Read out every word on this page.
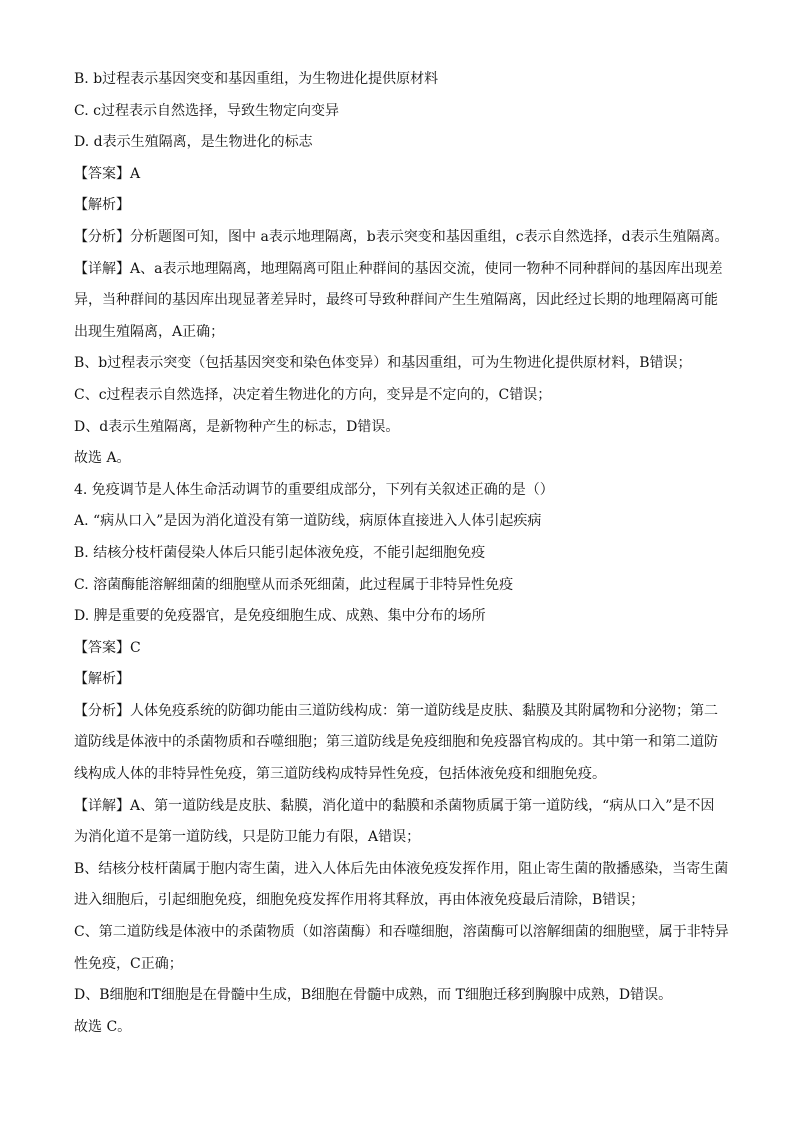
B. b过程表示基因突变和基因重组，为生物进化提供原材料

C. c过程表示自然选择，导致生物定向变异

D. d表示生殖隔离，是生物进化的标志

【答案】A

【解析】

【分析】分析题图可知，图中 a表示地理隔离，b表示突变和基因重组，c表示自然选择，d表示生殖隔离。

【详解】A、a表示地理隔离，地理隔离可阻止种群间的基因交流，使同一物种不同种群间的基因库出现差
异，当种群间的基因库出现显著差异时，最终可导致种群间产生生殖隔离，因此经过长期的地理隔离可能
出现生殖隔离，A正确；

B、b过程表示突变（包括基因突变和染色体变异）和基因重组，可为生物进化提供原材料，B错误；

C、c过程表示自然选择，决定着生物进化的方向，变异是不定向的，C错误；

D、d表示生殖隔离，是新物种产生的标志，D错误。

故选 A。

4. 免疫调节是人体生命活动调节的重要组成部分，下列有关叙述正确的是（）

A. “病从口入”是因为消化道没有第一道防线，病原体直接进入人体引起疾病

B. 结核分枝杆菌侵染人体后只能引起体液免疫，不能引起细胞免疫

C. 溶菌酶能溶解细菌的细胞壁从而杀死细菌，此过程属于非特异性免疫

D. 脾是重要的免疫器官，是免疫细胞生成、成熟、集中分布的场所

【答案】C

【解析】

【分析】人体免疫系统的防御功能由三道防线构成：第一道防线是皮肤、黏膜及其附属物和分泌物；第二
道防线是体液中的杀菌物质和吞噬细胞；第三道防线是免疫细胞和免疫器官构成的。其中第一和第二道防
线构成人体的非特异性免疫，第三道防线构成特异性免疫，包括体液免疫和细胞免疫。
【详解】A、第一道防线是皮肤、黏膜，消化道中的黏膜和杀菌物质属于第一道防线，“病从口入”是不因
为消化道不是第一道防线，只是防卫能力有限，A错误；
B、结核分枝杆菌属于胞内寄生菌，进入人体后先由体液免疫发挥作用，阻止寄生菌的散播感染，当寄生菌
进入细胞后，引起细胞免疫，细胞免疫发挥作用将其释放，再由体液免疫最后清除，B错误；
C、第二道防线是体液中的杀菌物质（如溶菌酶）和吞噬细胞，溶菌酶可以溶解细菌的细胞壁，属于非特异
性免疫，C正确；

D、B细胞和T细胞是在骨髓中生成，B细胞在骨髓中成熟，而 T细胞迁移到胸腺中成熟，D错误。

故选 C。
